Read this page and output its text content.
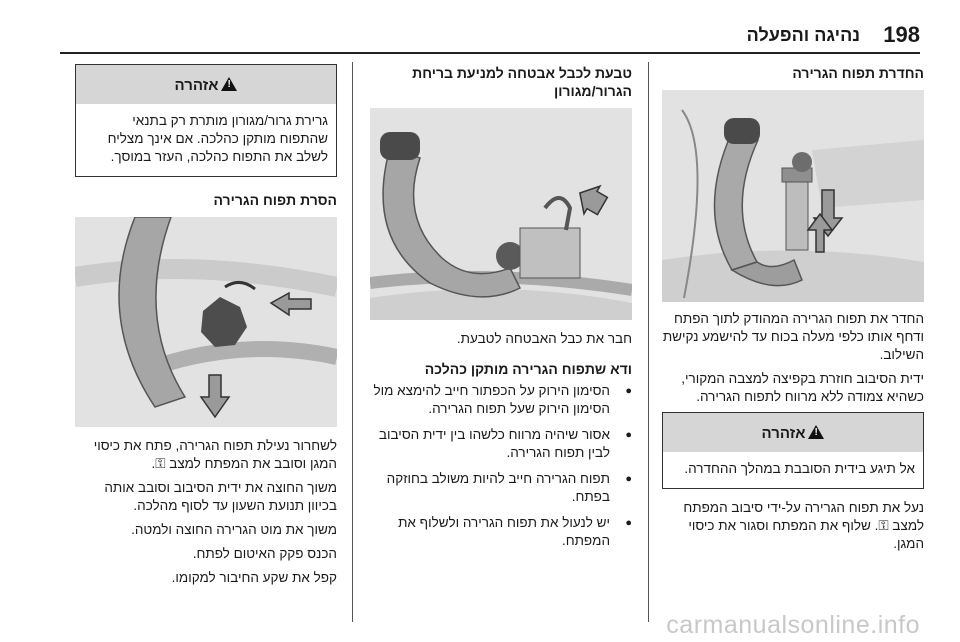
198
נהיגה והפעלה
החדרת תפוח הגרירה

החדר את תפוח הגרירה המהודק לתוך הפתח ודחף אותו כלפי מעלה בכוח עד להישמע נקישת השילוב.

ידית הסיבוב חוזרת בקפיצה למצבה המקורי, כשהיא צמודה ללא מרווח לתפוח הגרירה.

!אזהרה
אל תיגע בידית הסובבת במהלך ההחדרה.

נעל את תפוח הגרירה על-ידי סיבוב המפתח למצב ⚿. שלוף את המפתח וסגור את כיסוי המגן.

טבעת לכבל אבטחה למניעת בריחת הגרור/מגורון

חבר את כבל האבטחה לטבעת.

ודא שתפוח הגרירה מותקן כהלכה
● הסימון הירוק על הכפתור חייב להימצא מול הסימון הירוק שעל תפוח הגרירה.
● אסור שיהיה מרווח כלשהו בין ידית הסיבוב לבין תפוח הגרירה.
● תפוח הגרירה חייב להיות משולב בחוזקה בפתח.
● יש לנעול את תפוח הגרירה ולשלוף את המפתח.
!אזהרה
גרירת גרור/מגורון מותרת רק בתנאי שהתפוח מותקן כהלכה. אם אינך מצליח לשלב את התפוח כהלכה, העזר במוסך.
הסרת תפוח הגרירה

לשחרור נעילת תפוח הגרירה, פתח את כיסוי המגן וסובב את המפתח למצב ⚿.

משוך החוצה את ידית הסיבוב וסובב אותה בכיוון תנועת השעון עד לסוף מהלכה.

משוך את מוט הגרירה החוצה ולמטה.

הכנס פקק האיטום לפתח.

קפל את שקע החיבור למקומו.

carmanualsonline.info
